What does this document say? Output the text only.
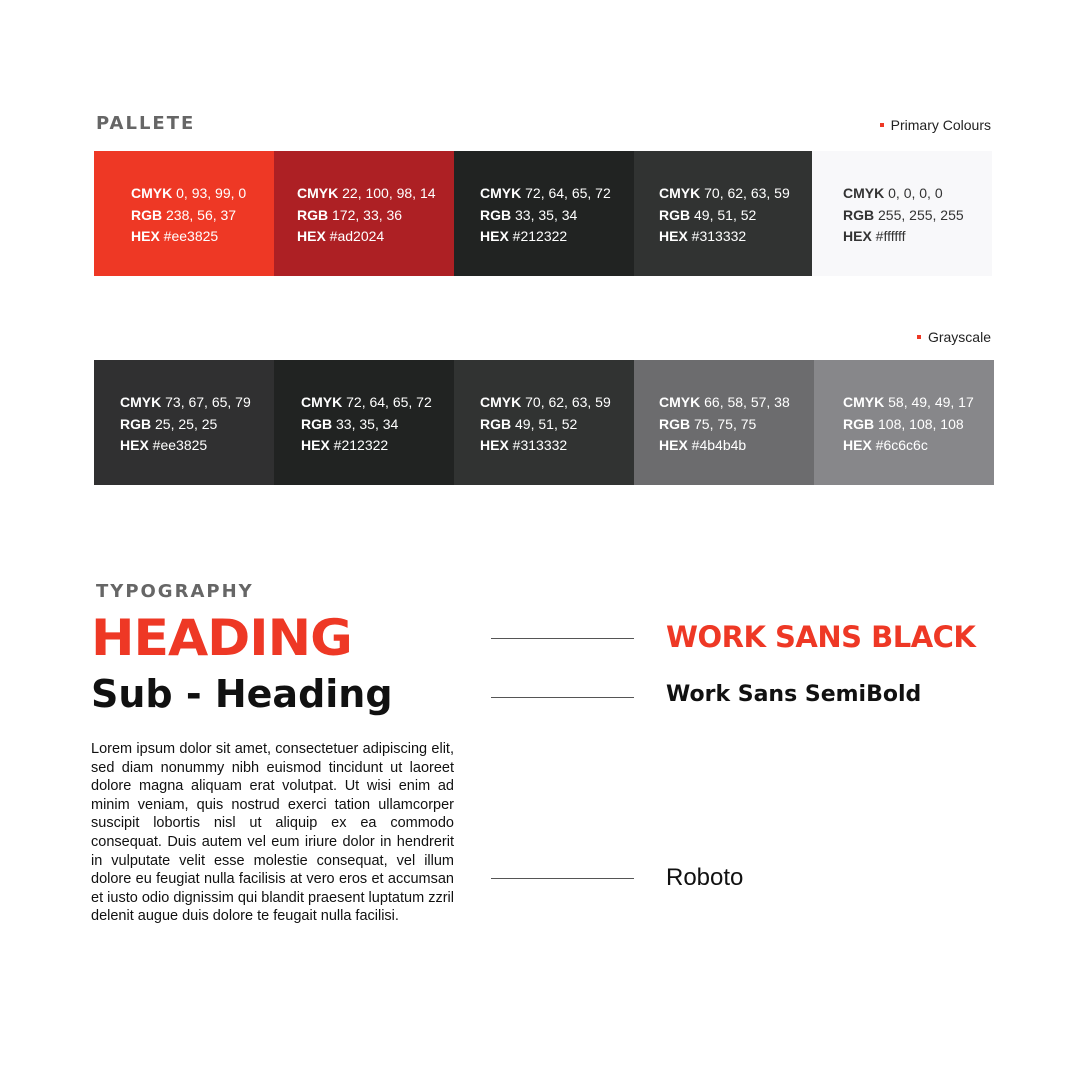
PALLETE	Primary Colours
CMYK 0, 93, 99, 0
RGB 238, 56, 37
HEX #ee3825
CMYK 22, 100, 98, 14
RGB 172, 33, 36
HEX #ad2024
CMYK 72, 64, 65, 72
RGB 33, 35, 34
HEX #212322
CMYK 70, 62, 63, 59
RGB 49, 51, 52
HEX #313332
CMYK 0, 0, 0, 0
RGB 255, 255, 255
HEX #ffffff
Grayscale
CMYK 73, 67, 65, 79
RGB 25, 25, 25
HEX #ee3825
CMYK 72, 64, 65, 72
RGB 33, 35, 34
HEX #212322
CMYK 70, 62, 63, 59
RGB 49, 51, 52
HEX #313332
CMYK 66, 58, 57, 38
RGB 75, 75, 75
HEX #4b4b4b
CMYK 58, 49, 49, 17
RGB 108, 108, 108
HEX #6c6c6c
TYPOGRAPHY
HEADING
Sub - Heading
Lorem ipsum dolor sit amet, consectetuer adipiscing elit, sed diam nonummy nibh euismod tincidunt ut laoreet dolore magna aliquam erat volutpat. Ut wisi enim ad minim veniam, quis nostrud exerci tation ullamcorper suscipit lobortis nisl ut aliquip ex ea commodo consequat. Duis autem vel eum iriure dolor in hendrerit in vulputate velit esse molestie consequat, vel illum dolore eu feugiat nulla facilisis at vero eros et accumsan et iusto odio dignissim qui blandit praesent luptatum zzril delenit augue duis dolore te feugait nulla facilisi.
WORK SANS BLACK
Work Sans SemiBold
Roboto
